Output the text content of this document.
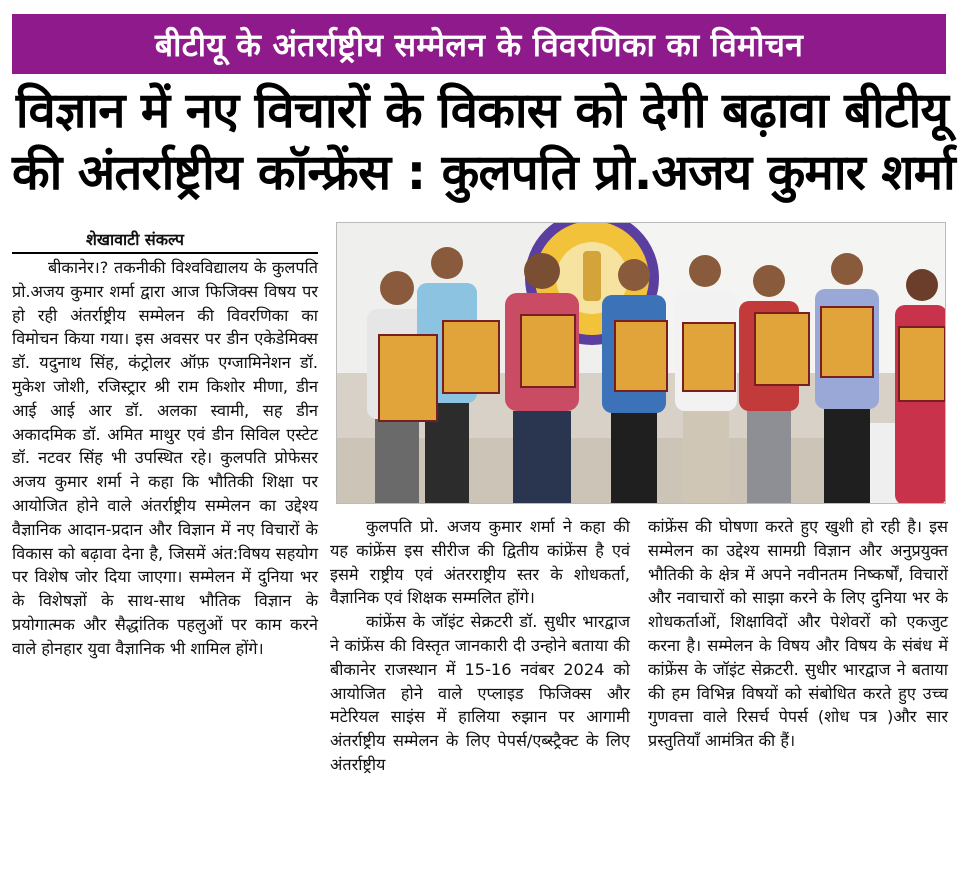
बीटीयू के अंतर्राष्ट्रीय सम्मेलन के विवरणिका का विमोचन
विज्ञान में नए विचारों के विकास को देगी बढ़ावा बीटीयू
की अंतर्राष्ट्रीय कॉन्फ्रेंस : कुलपति प्रो.अजय कुमार शर्मा
शेखावाटी संकल्प

बीकानेर।? तकनीकी विश्वविद्यालय के कुलपति प्रो.अजय कुमार शर्मा द्वारा आज फिजिक्स विषय पर हो रही अंतर्राष्ट्रीय सम्मेलन की विवरणिका का विमोचन किया गया। इस अवसर पर डीन एकेडेमिक्स डॉ. यदुनाथ सिंह, कंट्रोलर ऑफ़ एग्जामिनेशन डॉ. मुकेश जोशी, रजिस्ट्रार श्री राम किशोर मीणा, डीन आई आई आर डॉ. अलका स्वामी, सह डीन अकादमिक डॉ. अमित माथुर एवं डीन सिविल एस्टेट डॉ. नटवर सिंह भी उपस्थित रहे। कुलपति प्रोफेसर अजय कुमार शर्मा ने कहा कि भौतिकी शिक्षा पर आयोजित होने वाले अंतर्राष्ट्रीय सम्मेलन का उद्देश्य वैज्ञानिक आदान-प्रदान और विज्ञान में नए विचारों के विकास को बढ़ावा देना है, जिसमें अंत:विषय सहयोग पर विशेष जोर दिया जाएगा। सम्मेलन में दुनिया भर के विशेषज्ञों के साथ-साथ भौतिक विज्ञान के प्रयोगात्मक और सैद्धांतिक पहलुओं पर काम करने वाले होनहार युवा वैज्ञानिक भी शामिल होंगे।

कुलपति प्रो. अजय कुमार शर्मा ने कहा की यह कांफ्रेंस इस सीरीज की द्वितीय कांफ्रेंस है एवं इसमे राष्ट्रीय एवं अंतरराष्ट्रीय स्तर के शोधकर्ता, वैज्ञानिक एवं शिक्षक सम्मलित होंगे।

कांफ्रेंस के जॉइंट सेक्रटरी डॉ. सुधीर भारद्वाज ने कांफ्रेंस की विस्तृत जानकारी दी उन्होने बताया की बीकानेर राजस्थान में 15-16 नवंबर 2024 को आयोजित होने वाले एप्लाइड फिजिक्स और मटेरियल साइंस में हालिया रुझान पर आगामी अंतर्राष्ट्रीय सम्मेलन के लिए पेपर्स/एब्स्ट्रैक्ट के लिए अंतर्राष्ट्रीय

कांफ्रेंस की घोषणा करते हुए खुशी हो रही है। इस सम्मेलन का उद्देश्य सामग्री विज्ञान और अनुप्रयुक्त भौतिकी के क्षेत्र में अपने नवीनतम निष्कर्षों, विचारों और नवाचारों को साझा करने के लिए दुनिया भर के शोधकर्ताओं, शिक्षाविदों और पेशेवरों को एकजुट करना है। सम्मेलन के विषय और विषय के संबंध में कांफ्रेंस के जॉइंट सेक्रटरी. सुधीर भारद्वाज ने बताया की हम विभिन्न विषयों को संबोधित करते हुए उच्च गुणवत्ता वाले रिसर्च पेपर्स (शोध पत्र )और सार प्रस्तुतियाँ आमंत्रित की हैं।
